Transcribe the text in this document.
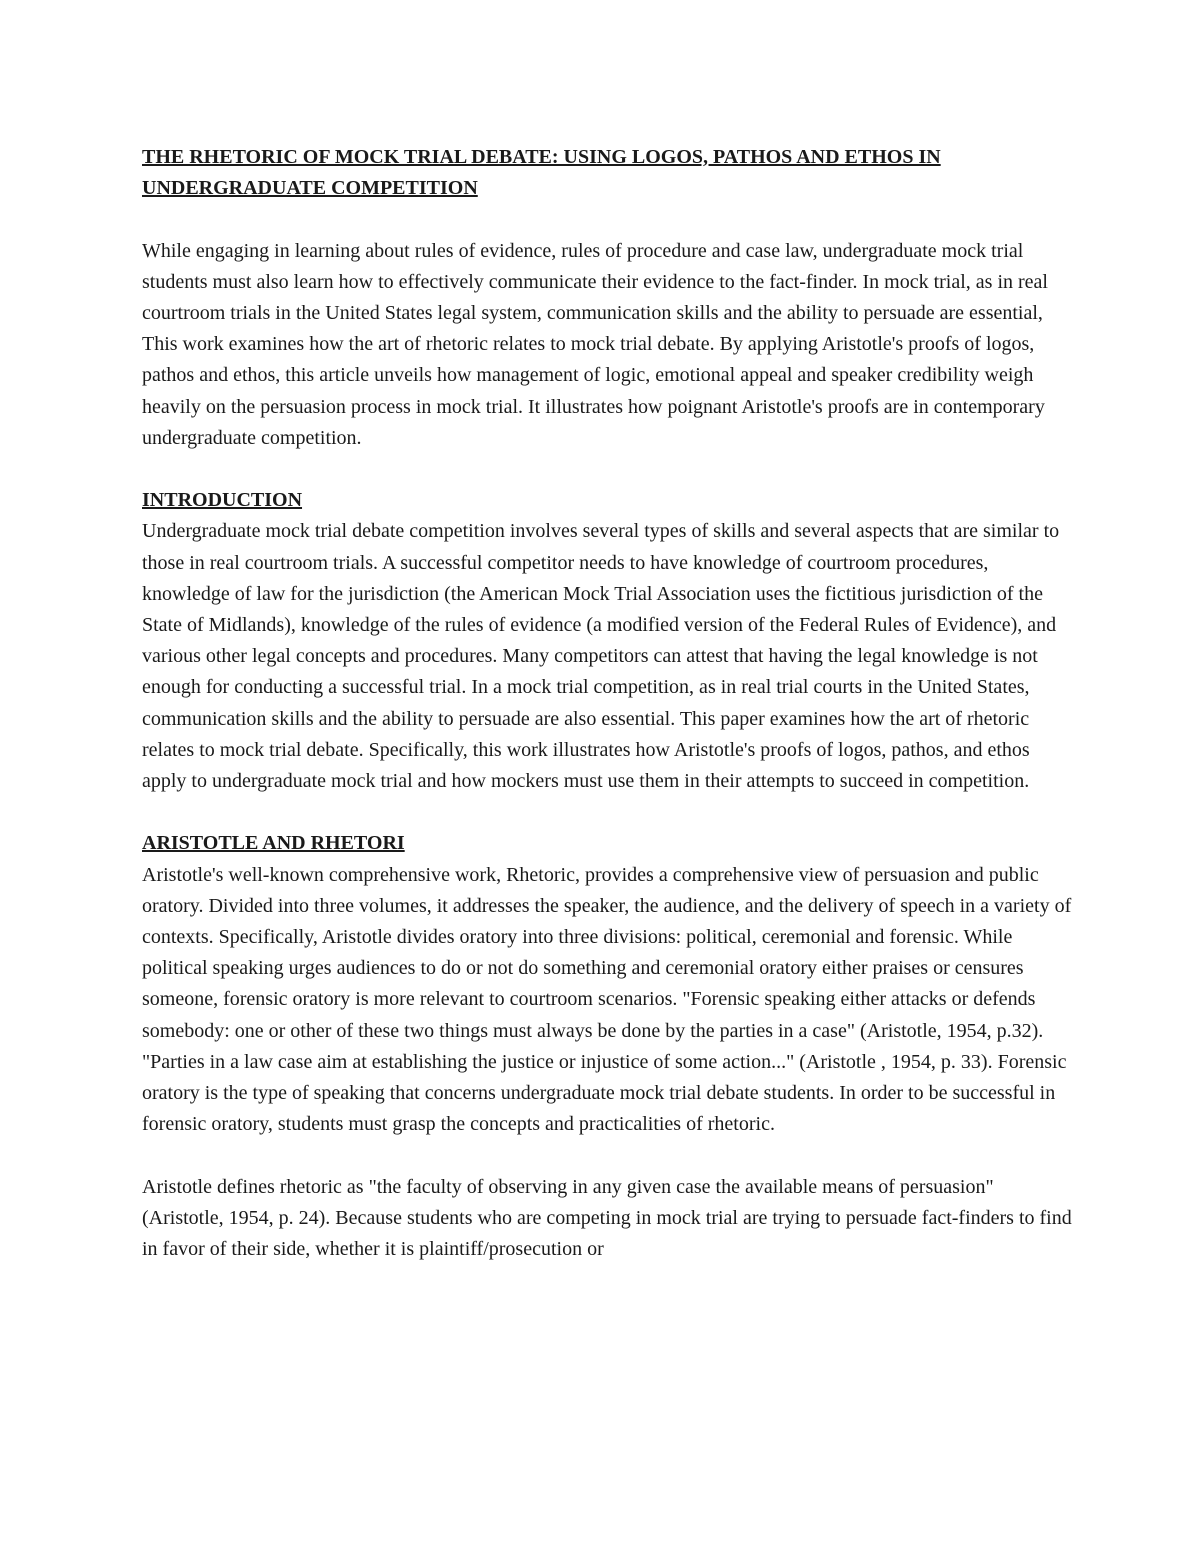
THE RHETORIC OF MOCK TRIAL DEBATE: USING LOGOS, PATHOS AND ETHOS IN UNDERGRADUATE COMPETITION

While engaging in learning about rules of evidence, rules of procedure and case law, undergraduate mock trial students must also learn how to effectively communicate their evidence to the fact-finder. In mock trial, as in real courtroom trials in the United States legal system, communication skills and the ability to persuade are essential, This work examines how the art of rhetoric relates to mock trial debate. By applying Aristotle's proofs of logos, pathos and ethos, this article unveils how management of logic, emotional appeal and speaker credibility weigh heavily on the persuasion process in mock trial. It illustrates how poignant Aristotle's proofs are in contemporary undergraduate competition.

INTRODUCTION

Undergraduate mock trial debate competition involves several types of skills and several aspects that are similar to those in real courtroom trials. A successful competitor needs to have knowledge of courtroom procedures, knowledge of law for the jurisdiction (the American Mock Trial Association uses the fictitious jurisdiction of the State of Midlands), knowledge of the rules of evidence (a modified version of the Federal Rules of Evidence), and various other legal concepts and procedures. Many competitors can attest that having the legal knowledge is not enough for conducting a successful trial. In a mock trial competition, as in real trial courts in the United States, communication skills and the ability to persuade are also essential. This paper examines how the art of rhetoric relates to mock trial debate. Specifically, this work illustrates how Aristotle's proofs of logos, pathos, and ethos apply to undergraduate mock trial and how mockers must use them in their attempts to succeed in competition.

ARISTOTLE AND RHETORI

Aristotle's well-known comprehensive work, Rhetoric, provides a comprehensive view of persuasion and public oratory. Divided into three volumes, it addresses the speaker, the audience, and the delivery of speech in a variety of contexts. Specifically, Aristotle divides oratory into three divisions: political, ceremonial and forensic. While political speaking urges audiences to do or not do something and ceremonial oratory either praises or censures someone, forensic oratory is more relevant to courtroom scenarios. "Forensic speaking either attacks or defends somebody: one or other of these two things must always be done by the parties in a case" (Aristotle, 1954, p.32). "Parties in a law case aim at establishing the justice or injustice of some action..." (Aristotle , 1954, p. 33). Forensic oratory is the type of speaking that concerns undergraduate mock trial debate students. In order to be successful in forensic oratory, students must grasp the concepts and practicalities of rhetoric.

Aristotle defines rhetoric as "the faculty of observing in any given case the available means of persuasion" (Aristotle, 1954, p. 24). Because students who are competing in mock trial are trying to persuade fact-finders to find in favor of their side, whether it is plaintiff/prosecution or
